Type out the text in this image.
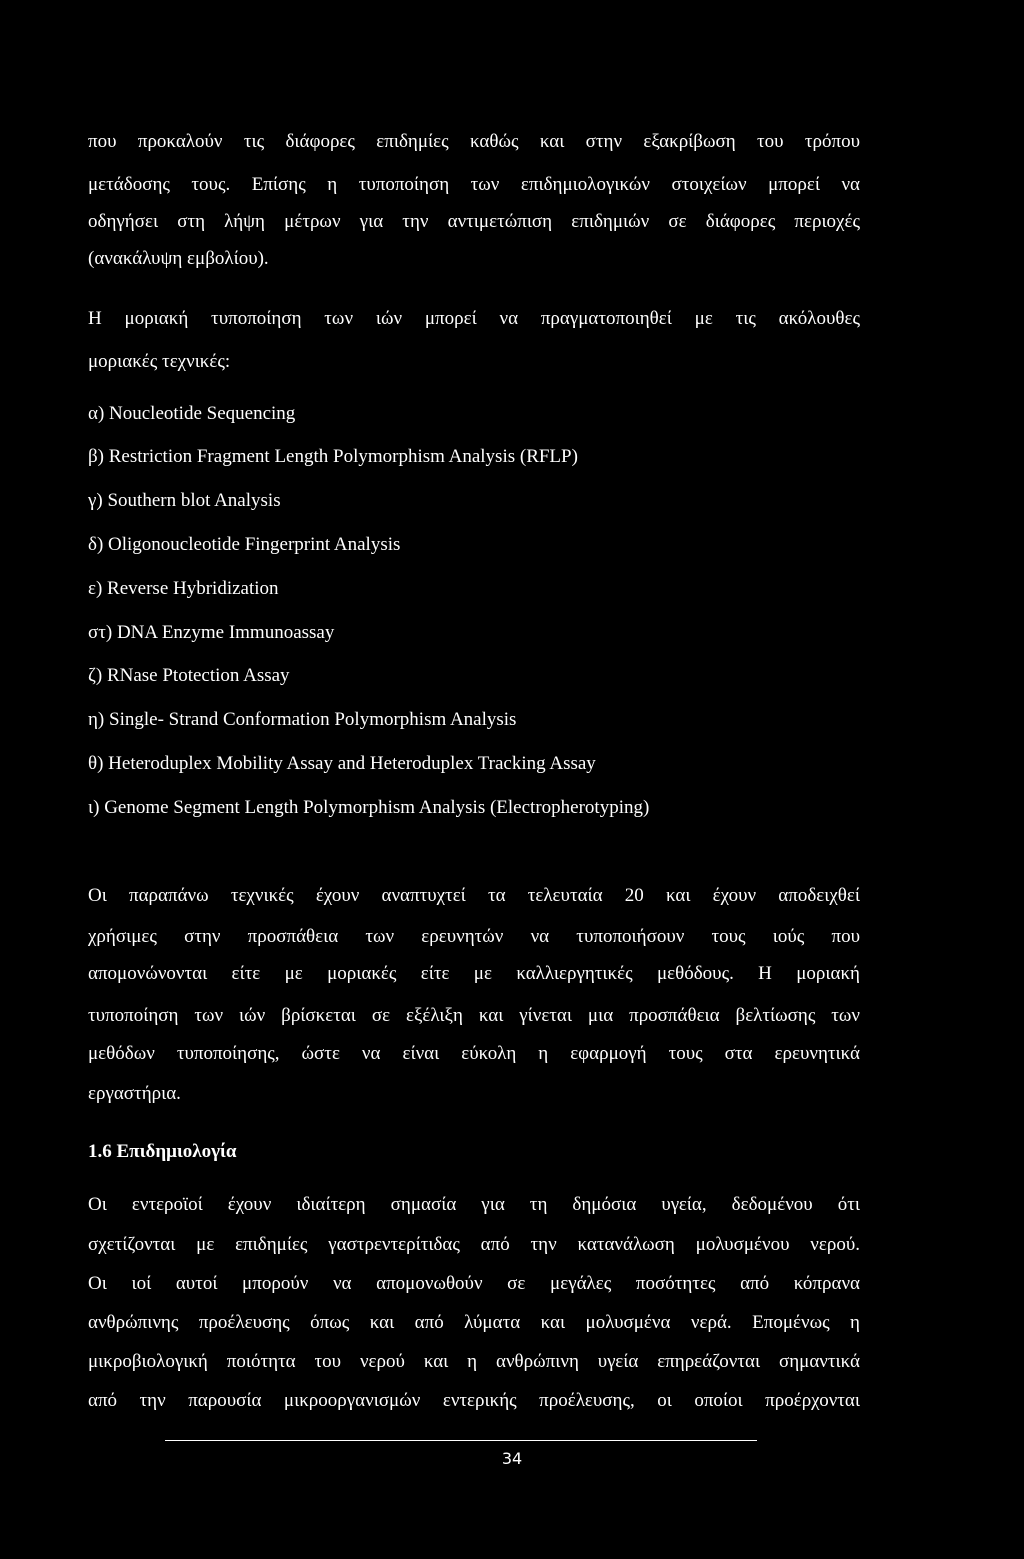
που προκαλούν τις διάφορες επιδημίες καθώς και στην εξακρίβωση του τρόπου
μετάδοσης τους. Επίσης η τυποποίηση των επιδημιολογικών στοιχείων μπορεί να
οδηγήσει στη λήψη μέτρων για την αντιμετώπιση επιδημιών σε διάφορες περιοχές
(ανακάλυψη εμβολίου).
Η μοριακή τυποποίηση των ιών μπορεί να πραγματοποιηθεί με τις ακόλουθες
μοριακές τεχνικές:
α) Noucleotide Sequencing
β) Restriction Fragment Length Polymorphism Analysis (RFLP)
γ) Southern blot Analysis
δ) Oligonoucleotide Fingerprint Analysis
ε) Reverse Hybridization
στ) DNA Enzyme Immunoassay
ζ) RNase Ptotection Assay
η) Single- Strand Conformation Polymorphism Analysis
θ) Heteroduplex Mobility Assay and Heteroduplex Tracking Assay
ι) Genome Segment Length Polymorphism Analysis (Electropherotyping)
Οι παραπάνω τεχνικές έχουν αναπτυχτεί τα τελευταία 20 και έχουν αποδειχθεί
χρήσιμες στην προσπάθεια των ερευνητών να τυποποιήσουν τους ιούς που
απομονώνονται είτε με μοριακές είτε με καλλιεργητικές μεθόδους. Η μοριακή
τυποποίηση των ιών βρίσκεται σε εξέλιξη και γίνεται μια προσπάθεια βελτίωσης των
μεθόδων τυποποίησης, ώστε να είναι εύκολη η εφαρμογή τους στα ερευνητικά
εργαστήρια.
1.6 Επιδημιολογία
Οι εντεροϊοί έχουν ιδιαίτερη σημασία για τη δημόσια υγεία, δεδομένου ότι
σχετίζονται με επιδημίες γαστρεντερίτιδας από την κατανάλωση μολυσμένου νερού.
Οι ιοί αυτοί μπορούν να απομονωθούν σε μεγάλες ποσότητες από κόπρανα
ανθρώπινης προέλευσης όπως και από λύματα και μολυσμένα νερά. Επομένως η
μικροβιολογική ποιότητα του νερού και η ανθρώπινη υγεία επηρεάζονται σημαντικά
από την παρουσία μικροοργανισμών εντερικής προέλευσης, οι οποίοι προέρχονται
34
